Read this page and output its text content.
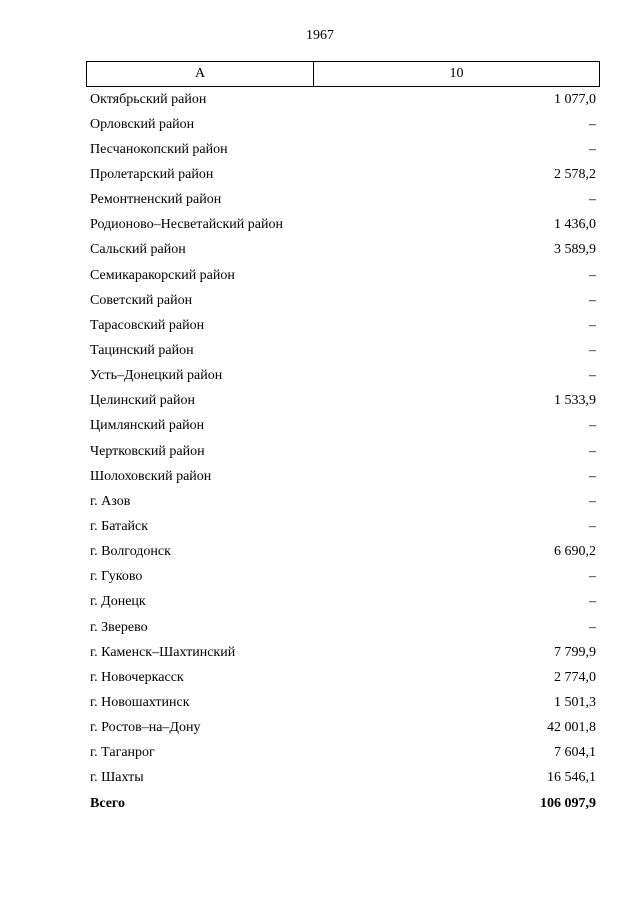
1967
А	10
Октябрьский район	1 077,0
Орловский район	–
Песчанокопский район	–
Пролетарский район	2 578,2
Ремонтненский район	–
Родионово–Несветайский район	1 436,0
Сальский район	3 589,9
Семикаракорский район	–
Советский район	–
Тарасовский район	–
Тацинский район	–
Усть–Донецкий район	–
Целинский район	1 533,9
Цимлянский район	–
Чертковский район	–
Шолоховский район	–
г. Азов	–
г. Батайск	–
г. Волгодонск	6 690,2
г. Гуково	–
г. Донецк	–
г. Зверево	–
г. Каменск–Шахтинский	7 799,9
г. Новочеркасск	2 774,0
г. Новошахтинск	1 501,3
г. Ростов–на–Дону	42 001,8
г. Таганрог	7 604,1
г. Шахты	16 546,1
Всего	106 097,9
